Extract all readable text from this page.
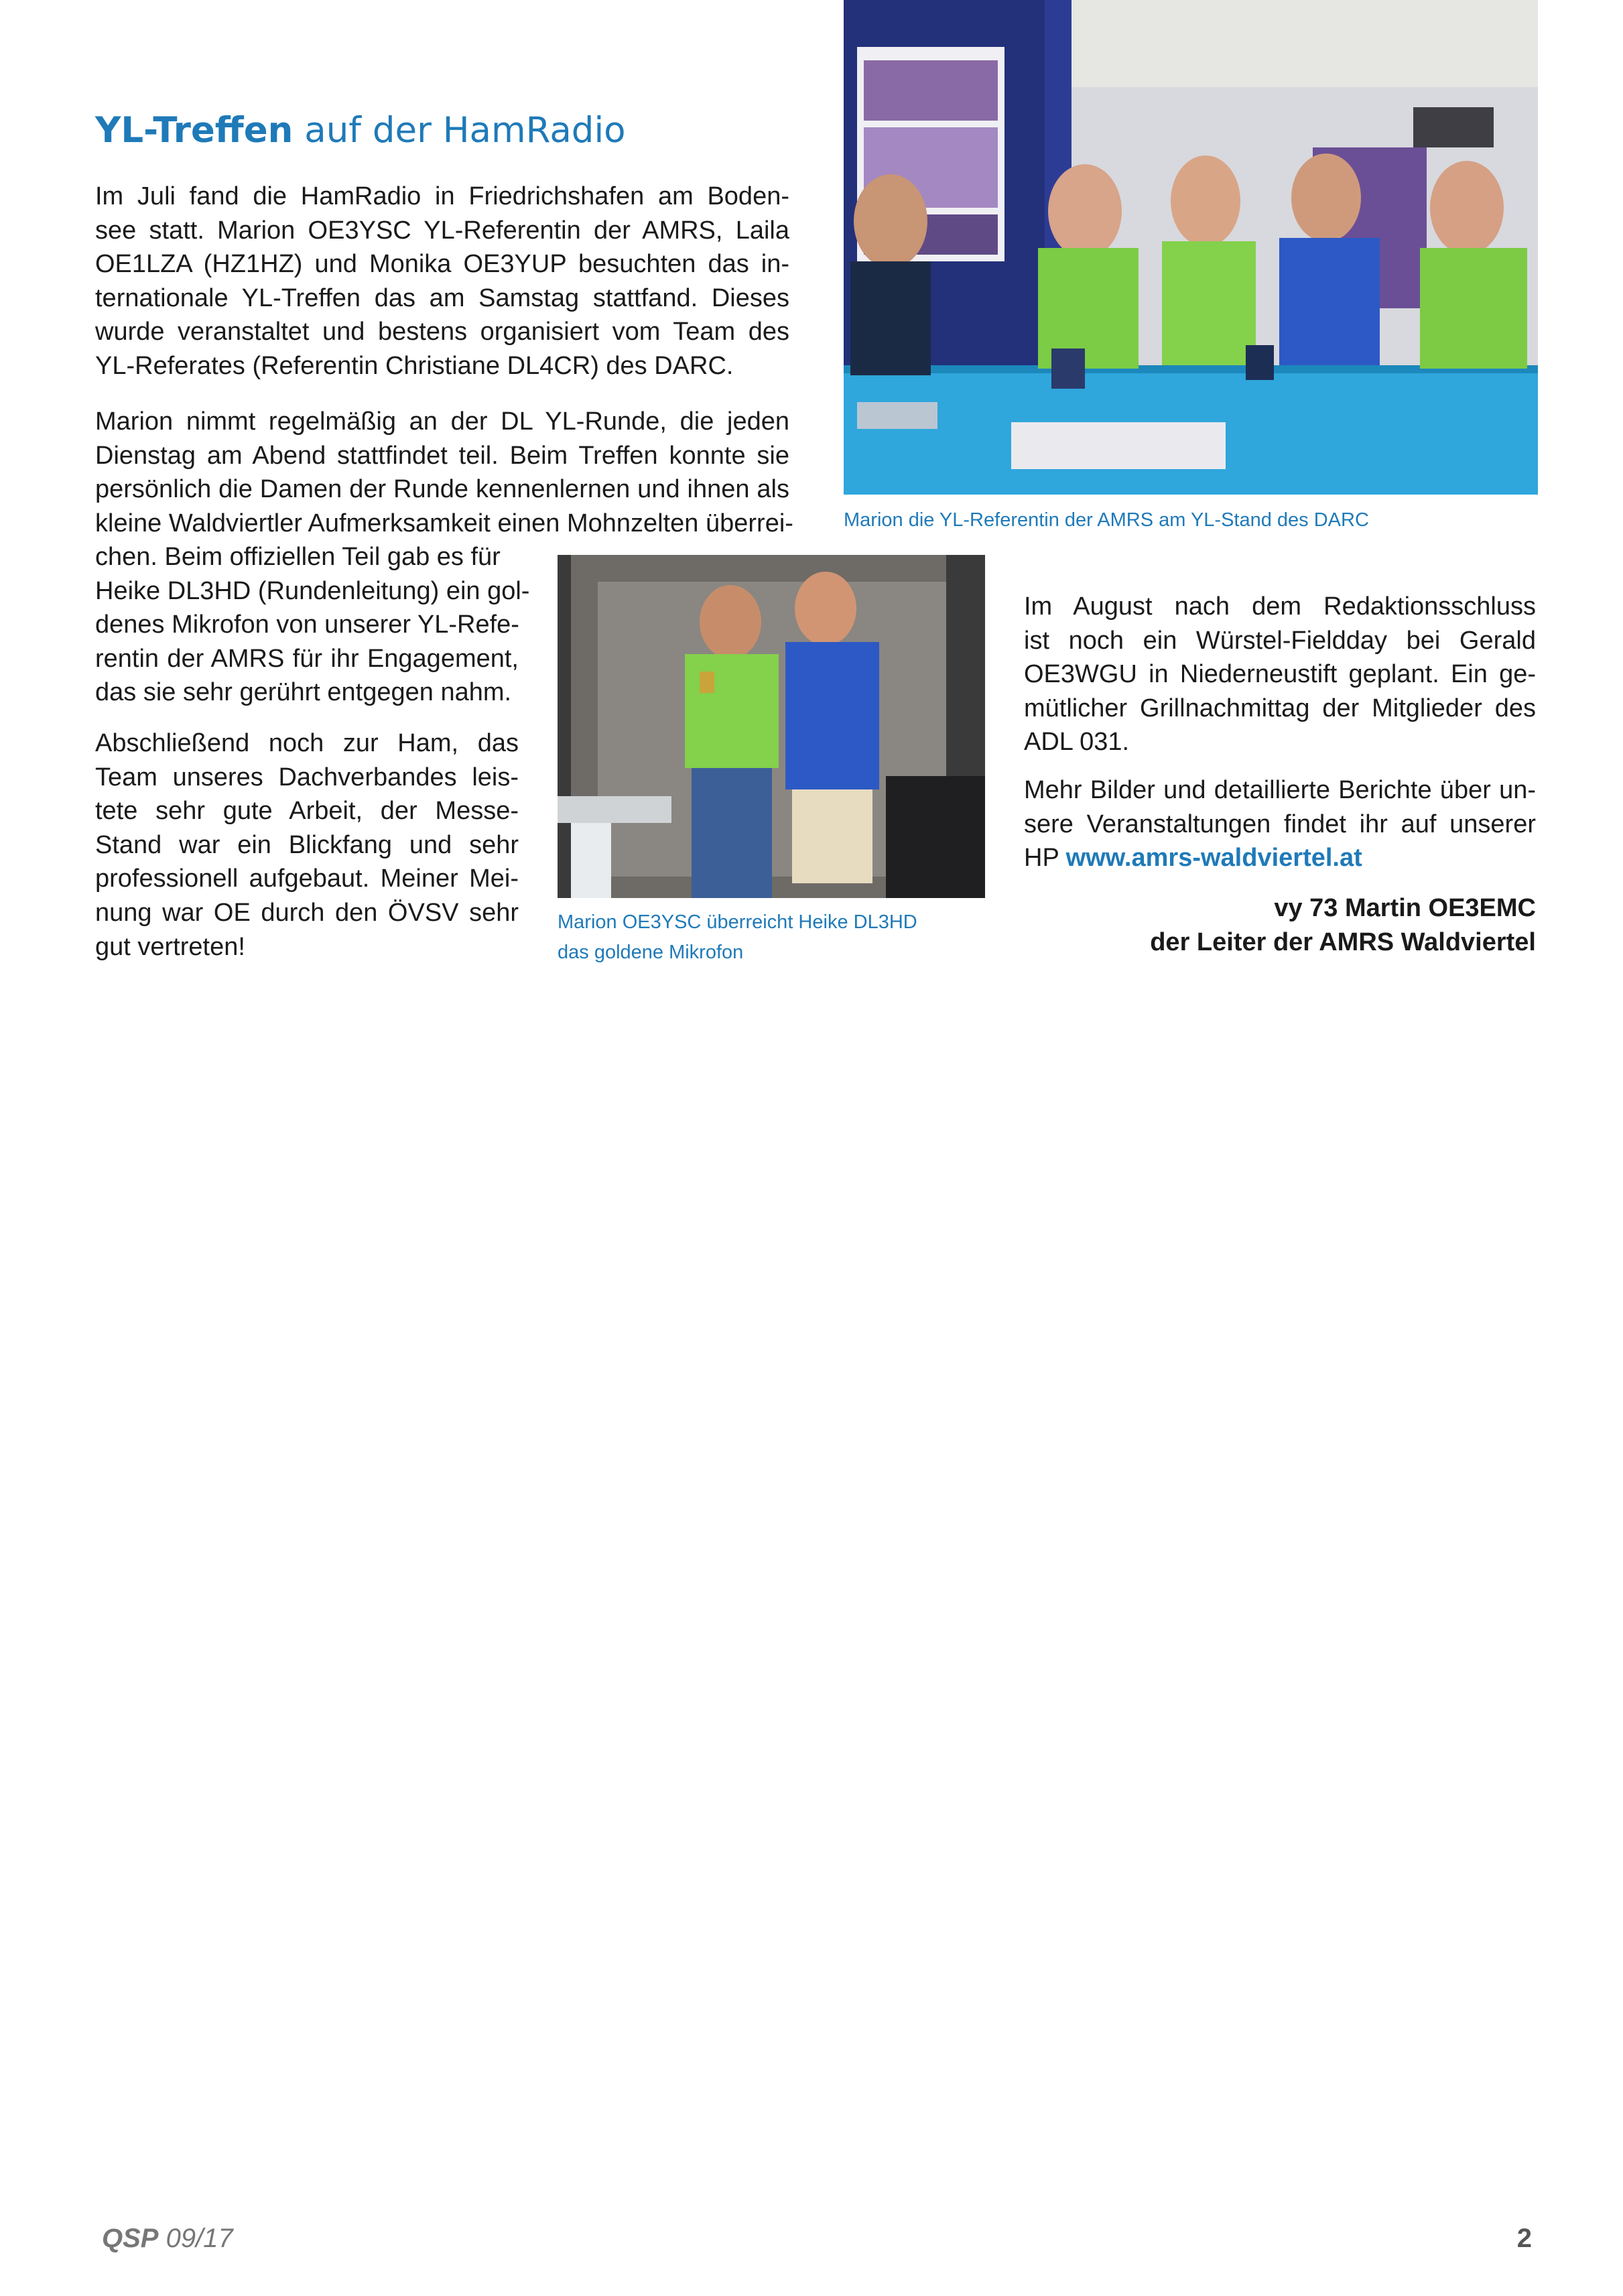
YL-Treffen auf der HamRadio
Im Juli fand die HamRadio in Friedrichshafen am Boden-
see statt. Marion OE3YSC YL-Referentin der AMRS, Laila
OE1LZA (HZ1HZ) und Monika OE3YUP besuchten das in-
ternationale YL-Treffen das am Samstag stattfand. Dieses
wurde veranstaltet und bestens organisiert vom Team des
YL-Referates (Referentin Christiane DL4CR) des DARC.
Marion nimmt regelmäßig an der DL YL-Runde, die jeden
Dienstag am Abend stattfindet teil. Beim Treffen konnte sie
persönlich die Damen der Runde kennenlernen und ihnen als
kleine Waldviertler Aufmerksamkeit einen Mohnzelten überrei-
chen. Beim offiziellen Teil gab es für
Heike DL3HD (Rundenleitung) ein gol-
denes Mikrofon von unserer YL-Refe-
rentin der AMRS für ihr Engagement,
das sie sehr gerührt entgegen nahm.
Abschließend noch zur Ham, das
Team unseres Dachverbandes leis-
tete sehr gute Arbeit, der Messe-
Stand war ein Blickfang und sehr
professionell aufgebaut. Meiner Mei-
nung war OE durch den ÖVSV sehr
gut vertreten!
Marion die YL-Referentin der AMRS am YL-Stand des DARC
Marion OE3YSC überreicht Heike DL3HD
das goldene Mikrofon
Im August nach dem Redaktionsschluss
ist noch ein Würstel-Fieldday bei Gerald
OE3WGU in Niederneustift geplant. Ein ge-
mütlicher Grillnachmittag der Mitglieder des
ADL 031.
Mehr Bilder und detaillierte Berichte über un-
sere Veranstaltungen findet ihr auf unserer
HP www.amrs-waldviertel.at
vy 73 Martin OE3EMC
der Leiter der AMRS Waldviertel
QSP 09/17	2
